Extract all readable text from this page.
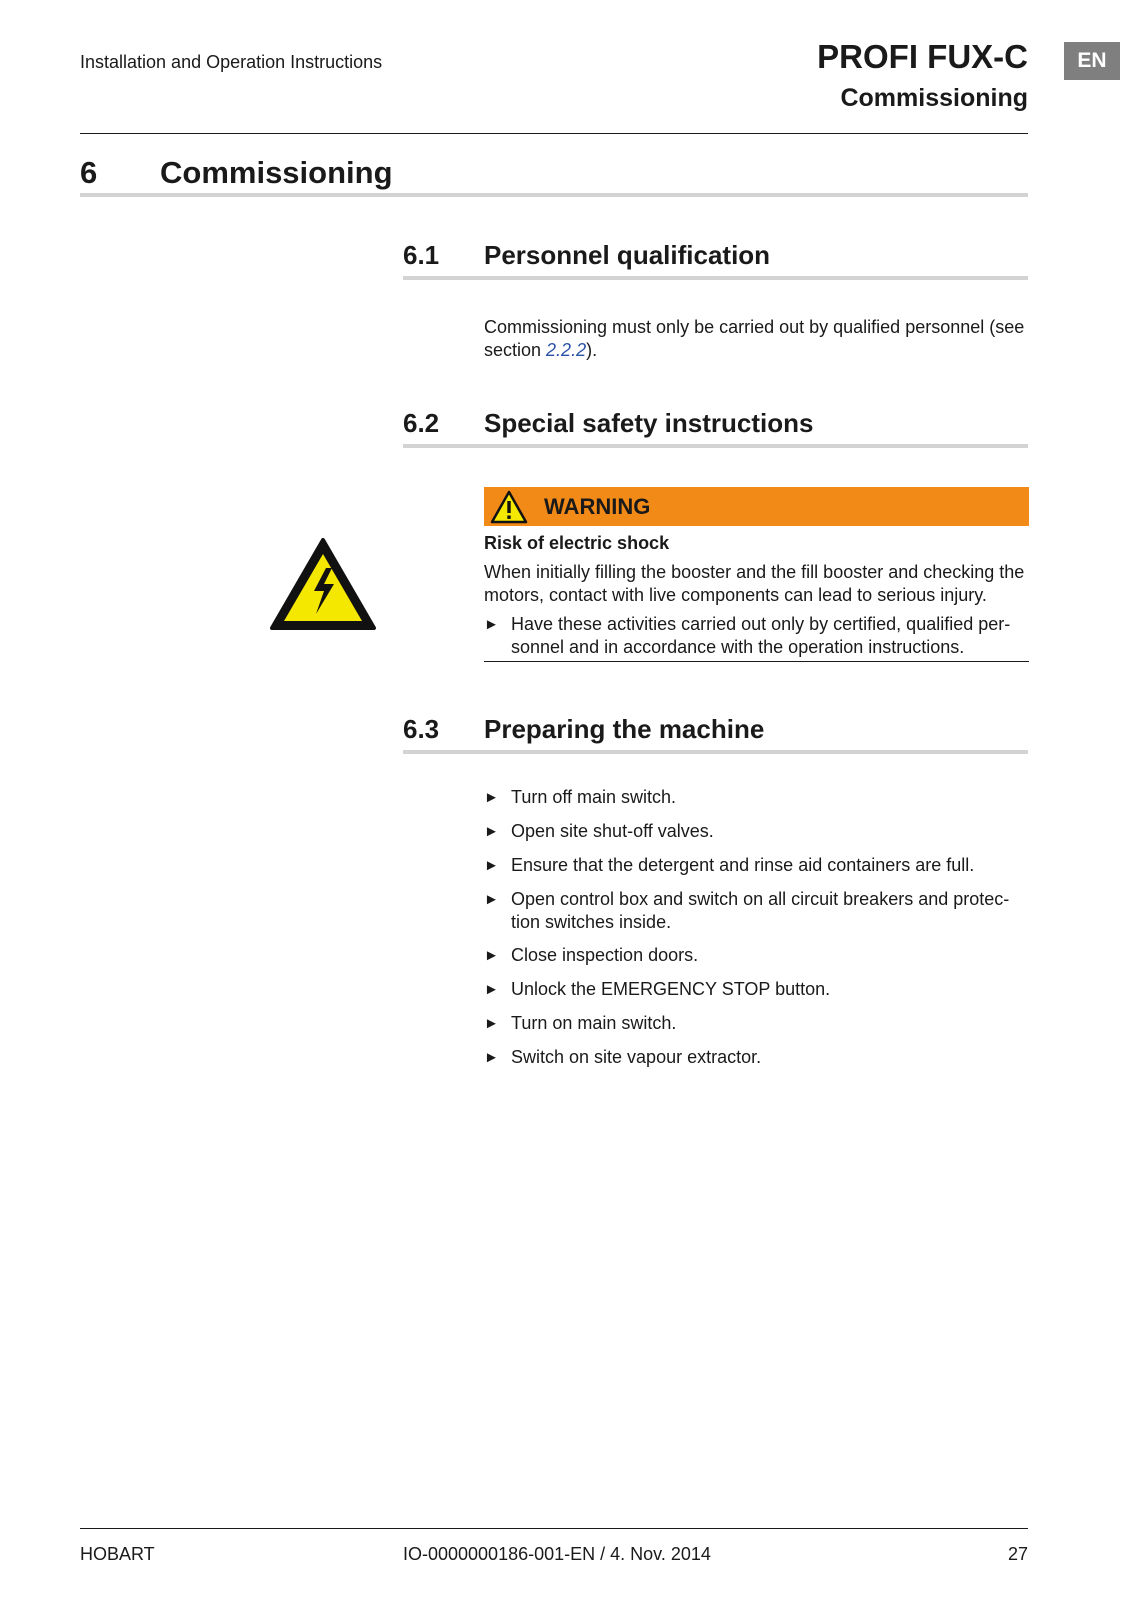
Installation and Operation Instructions	PROFI FUX-C
Commissioning
EN
6 Commissioning
6.1 Personnel qualification
Commissioning must only be carried out by qualified personnel (see section 2.2.2).
6.2 Special safety instructions
WARNING
Risk of electric shock
When initially filling the booster and the fill booster and checking the motors, contact with live components can lead to serious injury.
► Have these activities carried out only by certified, qualified per-sonnel and in accordance with the operation instructions.
6.3 Preparing the machine
► Turn off main switch.
► Open site shut-off valves.
► Ensure that the detergent and rinse aid containers are full.
► Open control box and switch on all circuit breakers and protec-tion switches inside.
► Close inspection doors.
► Unlock the EMERGENCY STOP button.
► Turn on main switch.
► Switch on site vapour extractor.
HOBART	IO-0000000186-001-EN / 4. Nov. 2014	27
